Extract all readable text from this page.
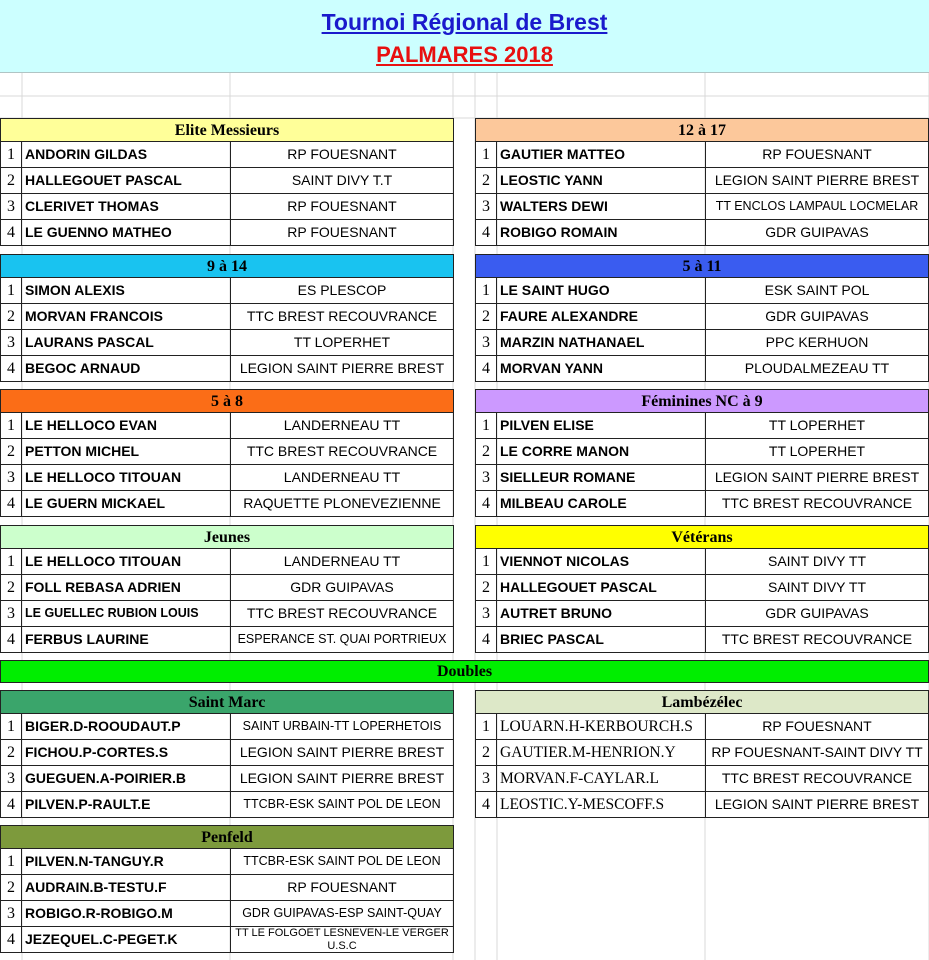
Tournoi Régional de Brest
PALMARES 2018
Elite Messieurs
1 ANDORIN GILDAS	RP FOUESNANT
2 HALLEGOUET PASCAL	SAINT DIVY T.T
3 CLERIVET THOMAS	RP FOUESNANT
4 LE GUENNO MATHEO	RP FOUESNANT
12 à 17
1 GAUTIER MATTEO	RP FOUESNANT
2 LEOSTIC YANN	LEGION SAINT PIERRE BREST
3 WALTERS DEWI	TT ENCLOS LAMPAUL LOCMELAR
4 ROBIGO ROMAIN	GDR GUIPAVAS
9 à 14
1 SIMON ALEXIS	ES PLESCOP
2 MORVAN FRANCOIS	TTC BREST RECOUVRANCE
3 LAURANS PASCAL	TT LOPERHET
4 BEGOC ARNAUD	LEGION SAINT PIERRE BREST
5 à 11
1 LE SAINT HUGO	ESK SAINT POL
2 FAURE ALEXANDRE	GDR GUIPAVAS
3 MARZIN NATHANAEL	PPC KERHUON
4 MORVAN YANN	PLOUDALMEZEAU TT
5 à 8
1 LE HELLOCO EVAN	LANDERNEAU TT
2 PETTON MICHEL	TTC BREST RECOUVRANCE
3 LE HELLOCO TITOUAN	LANDERNEAU TT
4 LE GUERN MICKAEL	RAQUETTE PLONEVEZIENNE
Féminines NC à 9
1 PILVEN ELISE	TT LOPERHET
2 LE CORRE MANON	TT LOPERHET
3 SIELLEUR ROMANE	LEGION SAINT PIERRE BREST
4 MILBEAU CAROLE	TTC BREST RECOUVRANCE
Jeunes
1 LE HELLOCO TITOUAN	LANDERNEAU TT
2 FOLL REBASA ADRIEN	GDR GUIPAVAS
3 LE GUELLEC RUBION LOUIS	TTC BREST RECOUVRANCE
4 FERBUS LAURINE	ESPERANCE ST. QUAI PORTRIEUX
Vétérans
1 VIENNOT NICOLAS	SAINT DIVY TT
2 HALLEGOUET PASCAL	SAINT DIVY TT
3 AUTRET BRUNO	GDR GUIPAVAS
4 BRIEC PASCAL	TTC BREST RECOUVRANCE
Saint Marc
1 BIGER.D-ROOUDAUT.P	SAINT URBAIN-TT LOPERHETOIS
2 FICHOU.P-CORTES.S	LEGION SAINT PIERRE BREST
3 GUEGUEN.A-POIRIER.B	LEGION SAINT PIERRE BREST
4 PILVEN.P-RAULT.E	TTCBR-ESK SAINT POL DE LEON
Lambézélec
1 LOUARN.H-KERBOURCH.S	RP FOUESNANT
2 GAUTIER.M-HENRION.Y	RP FOUESNANT-SAINT DIVY TT
3 MORVAN.F-CAYLAR.L	TTC BREST RECOUVRANCE
4 LEOSTIC.Y-MESCOFF.S	LEGION SAINT PIERRE BREST
Penfeld
1 PILVEN.N-TANGUY.R	TTCBR-ESK SAINT POL DE LEON
2 AUDRAIN.B-TESTU.F	RP FOUESNANT
3 ROBIGO.R-ROBIGO.M	GDR GUIPAVAS-ESP SAINT-QUAY
4 JEZEQUEL.C-PEGET.K	TT LE FOLGOET LESNEVEN-LE VERGER U.S.C
Doubles
